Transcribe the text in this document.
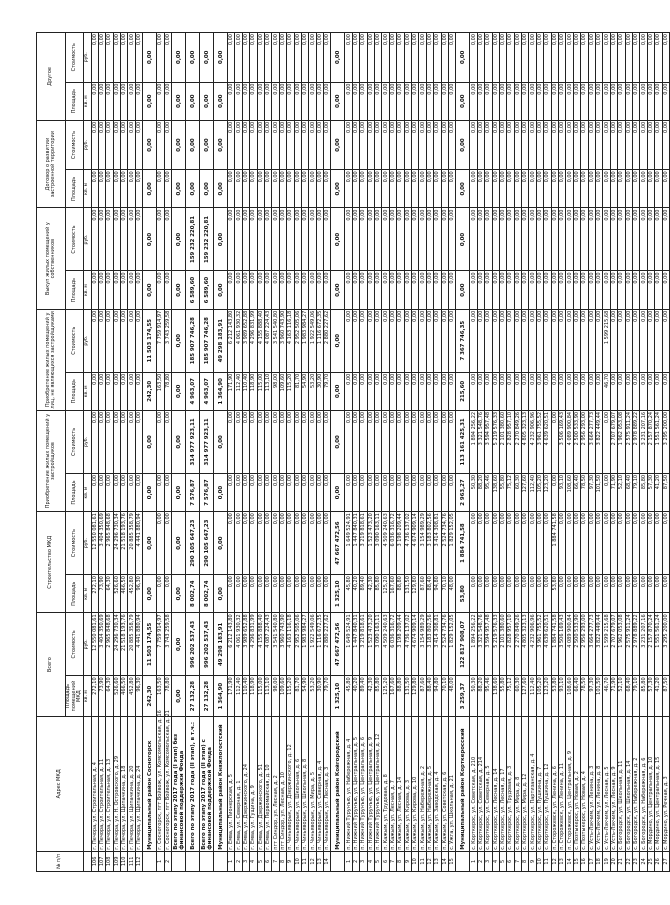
№ п/п	Адрес МКД	Всего		Строительство МКД		Приобретение жилых помещений у застройщиков		Приобретение жилых помещений у лиц, не являющихся застройщиками		Выкуп жилых помещений у собственников		Договор о развитии застроенной территории		Другое	
		Площадь помещений МКД	Стоимость	Площадь	Стоимость	Площадь	Стоимость	Площадь	Стоимость	Площадь	Стоимость	Площадь	Стоимость	Площадь	Стоимость
		кв. м	руб.	кв. м	руб.	кв. м	руб.	кв. м	руб.	кв. м	руб.	кв. м	руб.	кв. м	руб.
106	г. Печора, ул. Строительная, д. 4	272,10	12 550 081,61	272,10	12 550 081,61	0,00	0,00	0,00	0,00	0,00	0,00	0,00	0,00	0,00	0,00
107	г. Печора, ул. Строительная, д. 11	73,90	3 404 350,69	73,90	3 404 350,69	0,00	0,00	0,00	0,00	0,00	0,00	0,00	0,00	0,00	0,00
108	г. Печора, ул. Строительная, д. 13	64,30	2 965 848,68	64,30	2 965 848,68	0,00	0,00	0,00	0,00	0,00	0,00	0,00	0,00	0,00	0,00
109	г. Печора, ул. Н. Островского, д. 29	526,60	24 296 730,34	526,60	24 296 730,34	0,00	0,00	0,00	0,00	0,00	0,00	0,00	0,00	0,00	0,00
110	г. Печора, ул. Щипачкина, д. 18	466,50	21 518 193,76	466,50	21 518 193,76	0,00	0,00	0,00	0,00	0,00	0,00	0,00	0,00	0,00	0,00
111	г. Печора, ул. Щипачкина, д. 20	452,80	20 885 358,79	452,80	20 885 358,79	0,00	0,00	0,00	0,00	0,00	0,00	0,00	0,00	0,00	0,00
112	г. Печора, ул. Щипачкина, д. 24	96,30	4 441 880,94	96,30	4 441 880,94	0,00	0,00	0,00	0,00	0,00	0,00	0,00	0,00	0,00	0,00
	Муниципальный район Сосногорск	242,30	11 503 174,55	0,00	0,00	0,00	0,00	242,30	11 503 174,55	0,00	0,00	0,00	0,00	0,00	0,00
1	г. Сосногорск, пгт Войвож, ул. Комсомольская, д. 16	163,50	7 759 914,97	0,00	0,00	0,00	0,00	163,50	7 759 914,97	0,00	0,00	0,00	0,00	0,00	0,00
2	г. Сосногорск, пгт Войвож, ул. Комсомольская, д. 21	78,80	3 743 259,58	0,00	0,00	0,00	0,00	78,80	3 743 259,58	0,00	0,00	0,00	0,00	0,00	0,00
	Всего по этапу 2017 года (I этап) без финансовой поддержки Фонда	0,00	0,00	0,00	0,00	0,00	0,00	0,00	0,00	0,00	0,00	0,00	0,00	0,00	0,00
	Всего по этапу 2017 года (II этап), в т.ч.:	27 132,28	996 202 537,43	8 002,74	290 105 647,23	7 576,87	314 977 923,11	4 963,07	185 907 746,28	6 589,60	159 232 220,81	0,00	0,00	0,00	0,00
	Всего по этапу 2017 года (II этап) с финансовой поддержкой Фонда	27 132,28	996 202 537,43	8 002,74	290 105 647,23	7 576,87	314 977 923,11	4 963,07	185 907 746,28	6 589,60	159 232 220,81	0,00	0,00	0,00	0,00
	Муниципальный район Княжпогостский	1 364,90	49 298 183,91	0,00	0,00	0,00	0,00	1 364,90	49 298 183,91	0,00	0,00	0,00	0,00	0,00	0,00
1	г. Емва, ул. Пионерская, д. 5	171,90	6 212 143,80	0,00	0,00	0,00	0,00	171,90	6 212 143,80	0,00	0,00	0,00	0,00	0,00	0,00
2	г. Емва, ул. Северная, д. 1	112,40	4 061 930,32	0,00	0,00	0,00	0,00	112,40	4 061 930,32	0,00	0,00	0,00	0,00	0,00	0,00
3	г. Емва, ул. Дзержинского, д. 24	110,40	3 989 652,88	0,00	0,00	0,00	0,00	110,40	3 989 652,88	0,00	0,00	0,00	0,00	0,00	0,00
4	г. Емва, ул. Гущина, д. 9	118,90	4 296 831,99	0,00	0,00	0,00	0,00	118,90	4 296 831,99	0,00	0,00	0,00	0,00	0,00	0,00
5	г. Емва, ул. Дзержинского, д. 51	115,00	4 155 888,40	0,00	0,00	0,00	0,00	115,00	4 155 888,40	0,00	0,00	0,00	0,00	0,00	0,00
6	г. Емва, ул. Первомайская, д. 10	113,10	4 087 224,43	0,00	0,00	0,00	0,00	113,10	4 087 224,43	0,00	0,00	0,00	0,00	0,00	0,00
7	пгт Синдор, ул. Лесная, д. 2	98,00	3 541 540,80	0,00	0,00	0,00	0,00	98,00	3 541 540,80	0,00	0,00	0,00	0,00	0,00	0,00
8	пгт Синдор, ул. Лесная, д. 10	109,60	3 960 743,90	0,00	0,00	0,00	0,00	109,60	3 960 743,90	0,00	0,00	0,00	0,00	0,00	0,00
9	п. Чиньяворык, ул. Дзержинского, д. 12	115,20	4 163 116,18	0,00	0,00	0,00	0,00	115,20	4 163 116,18	0,00	0,00	0,00	0,00	0,00	0,00
10	п. Чиньяворык, ул. Школьная, д. 6	81,70	2 952 505,06	0,00	0,00	0,00	0,00	81,70	2 952 505,06	0,00	0,00	0,00	0,00	0,00	0,00
11	п. Чиньяворык, ул. Школьная, д. 8	54,90	1 983 984,27	0,00	0,00	0,00	0,00	54,90	1 983 984,27	0,00	0,00	0,00	0,00	0,00	0,00
12	п. Чиньяворык, ул. Мира, д. 5	53,20	1 922 549,06	0,00	0,00	0,00	0,00	53,20	1 922 549,06	0,00	0,00	0,00	0,00	0,00	0,00
13	п. Чиньяворык, ул. Северная, д. 4	30,90	1 116 672,35	0,00	0,00	0,00	0,00	30,90	1 116 672,35	0,00	0,00	0,00	0,00	0,00	0,00
14	п. Чиньяворык, ул. Лесная, д. 3	79,70	2 880 227,62	0,00	0,00	0,00	0,00	79,70	2 880 227,62	0,00	0,00	0,00	0,00	0,00	0,00
	Муниципальный район Койгородский	1 325,10	47 667 472,56	1 325,10	47 667 472,56	0,00	0,00	0,00	0,00	0,00	0,00	0,00	0,00	0,00	0,00
1	п. Нижний Турунъю, ул. Набережная, д. 4	45,80	1 649 524,91	45,80	1 649 524,91	0,00	0,00	0,00	0,00	0,00	0,00	0,00	0,00	0,00	0,00
2	п. Нижний Турунъю, ул. Центральная, д. 5	40,20	1 447 840,31	40,20	1 447 840,31	0,00	0,00	0,00	0,00	0,00	0,00	0,00	0,00	0,00	0,00
3	п. Нижний Турунъю, ул. Центральная, д. 6	89,40	3 219 818,61	89,40	3 219 818,61	0,00	0,00	0,00	0,00	0,00	0,00	0,00	0,00	0,00	0,00
4	п. Нижний Турунъю, ул. Центральная, д. 9	42,30	1 523 473,20	42,30	1 523 473,20	0,00	0,00	0,00	0,00	0,00	0,00	0,00	0,00	0,00	0,00
5	п. Нижний Турунъю, ул. Центральная, д. 12	85,80	3 090 163,11	85,80	3 090 163,11	0,00	0,00	0,00	0,00	0,00	0,00	0,00	0,00	0,00	0,00
6	п. Кажым, ул. Трудовая, д. 8	125,20	4 509 240,63	125,20	4 509 240,63	0,00	0,00	0,00	0,00	0,00	0,00	0,00	0,00	0,00	0,00
7	п. Кажым, ул. Лесная, д. 7	167,60	6 036 316,72	167,60	6 036 316,72	0,00	0,00	0,00	0,00	0,00	0,00	0,00	0,00	0,00	0,00
8	п. Кажым, ул. Лесная, д. 14	88,80	3 198 209,44	88,80	3 198 209,44	0,00	0,00	0,00	0,00	0,00	0,00	0,00	0,00	0,00	0,00
9	п. Кажым, ул. Кирова, д. 3	131,50	4 736 137,02	131,50	4 736 137,02	0,00	0,00	0,00	0,00	0,00	0,00	0,00	0,00	0,00	0,00
10	п. Кажым, ул. Кирова, д. 10	129,80	4 674 909,14	129,80	4 674 909,14	0,00	0,00	0,00	0,00	0,00	0,00	0,00	0,00	0,00	0,00
11	п. Кажым, ул. Набережная, д. 2	87,60	3 154 989,29	87,60	3 154 989,29	0,00	0,00	0,00	0,00	0,00	0,00	0,00	0,00	0,00	0,00
12	п. Кажым, ул. Набережная, д. 5	88,40	3 183 802,56	88,40	3 183 802,56	0,00	0,00	0,00	0,00	0,00	0,00	0,00	0,00	0,00	0,00
13	п. Кажым, ул. Заводская, д. 4	94,80	3 414 308,81	94,80	3 414 308,81	0,00	0,00	0,00	0,00	0,00	0,00	0,00	0,00	0,00	0,00
14	п. Кажым, ул. Советская, д. 6	70,10	2 524 734,76	70,10	2 524 734,76	0,00	0,00	0,00	0,00	0,00	0,00	0,00	0,00	0,00	0,00
15	с. Ужга, ул. Школьная, д. 21	48,00	1 829 152,05	48,00	1 829 152,05	0,00	0,00	0,00	0,00	0,00	0,00	0,00	0,00	0,00	0,00
	Муниципальный район Корткеросский	3 259,37	122 817 908,07	53,80	1 884 741,58	2 963,27	113 161 425,31	215,60	7 367 746,35	0,00	0,00	0,00	0,00	0,00	0,00
1	с. Корткерос, ул. Советская, д. 210	50,30	1 894 256,22	0,00	0,00	50,30	1 894 256,22	0,00	0,00	0,00	0,00	0,00	0,00	0,00	0,00
2	с. Корткерос, ул. Советская, д. 214	88,20	3 321 548,76	0,00	0,00	88,20	3 321 548,76	0,00	0,00	0,00	0,00	0,00	0,00	0,00	0,00
3	с. Корткерос, ул. Северная, д. 5	95,46	3 594 957,48	0,00	0,00	95,46	3 594 957,48	0,00	0,00	0,00	0,00	0,00	0,00	0,00	0,00
4	с. Корткерос, ул. Лесная, д. 14	138,60	5 219 576,33	0,00	0,00	138,60	5 219 576,33	0,00	0,00	0,00	0,00	0,00	0,00	0,00	0,00
5	с. Корткерос, ул. Лесная, д. 17	55,80	2 101 380,60	0,00	0,00	55,80	2 101 380,60	0,00	0,00	0,00	0,00	0,00	0,00	0,00	0,00
6	с. Корткерос, ул. Трудовая, д. 3	75,12	2 828 957,10	0,00	0,00	75,12	2 828 957,10	0,00	0,00	0,00	0,00	0,00	0,00	0,00	0,00
7	с. Корткерос, ул. Мира, д. 8	60,30	2 270 849,26	0,00	0,00	60,30	2 270 849,26	0,00	0,00	0,00	0,00	0,00	0,00	0,00	0,00
8	с. Корткерос, ул. Мира, д. 12	127,60	4 805 323,13	0,00	0,00	127,60	4 805 323,13	0,00	0,00	0,00	0,00	0,00	0,00	0,00	0,00
9	с. Корткерос, ул. Партизанская, д. 4	112,40	4 232 906,96	0,00	0,00	112,40	4 232 906,96	0,00	0,00	0,00	0,00	0,00	0,00	0,00	0,00
10	с. Корткерос, ул. Пушкина, д. 7	105,20	3 961 755,52	0,00	0,00	105,20	3 961 755,52	0,00	0,00	0,00	0,00	0,00	0,00	0,00	0,00
11	с. Корткерос, ул. Пушкина, д. 12	123,20	4 639 620,51	0,00	0,00	123,20	4 639 620,51	0,00	0,00	0,00	0,00	0,00	0,00	0,00	0,00
12	п. Сторожевск, ул. Ленина, д. 6	53,80	1 884 741,58	53,80	1 884 741,58	0,00	0,00	0,00	0,00	0,00	0,00	0,00	0,00	0,00	0,00
13	п. Сторожевск, ул. Ленина, д. 11	93,10	3 506 169,43	0,00	0,00	93,10	3 506 169,43	0,00	0,00	0,00	0,00	0,00	0,00	0,00	0,00
14	п. Сторожевск, ул. Центральная, д. 9	108,60	4 089 900,84	0,00	0,00	108,60	4 089 900,84	0,00	0,00	0,00	0,00	0,00	0,00	0,00	0,00
15	с. Позтыкерос, ул. Новая, д. 2	66,40	2 500 533,90	0,00	0,00	66,40	2 500 533,90	0,00	0,00	0,00	0,00	0,00	0,00	0,00	0,00
16	с. Позтыкерос, ул. Новая, д. 4	78,50	2 956 293,00	0,00	0,00	78,50	2 956 293,00	0,00	0,00	0,00	0,00	0,00	0,00	0,00	0,00
17	с. Усть-Лэкчим, ул. Ленина, д. 3	97,30	3 664 277,73	0,00	0,00	97,30	3 664 277,73	0,00	0,00	0,00	0,00	0,00	0,00	0,00	0,00
18	с. Усть-Лэкчим, ул. Ленина, д. 8	101,50	3 822 449,44	0,00	0,00	101,50	3 822 449,44	0,00	0,00	0,00	0,00	0,00	0,00	0,00	0,00
19	с. Усть-Лэкчим, ул. Лесная, д. 5	46,70	1 599 215,68	0,00	0,00	0,00	0,00	46,70	1 599 215,68	0,00	0,00	0,00	0,00	0,00	0,00
20	с. Усть-Лэкчим, ул. Лесная, д. 9	71,90	2 707 679,07	0,00	0,00	71,90	2 707 679,07	0,00	0,00	0,00	0,00	0,00	0,00	0,00	0,00
21	с. Богородск, ул. Школьная, д. 11	52,10	1 962 053,08	0,00	0,00	52,10	1 962 053,08	0,00	0,00	0,00	0,00	0,00	0,00	0,00	0,00
22	с. Богородск, ул. Школьная, д. 14	68,40	2 575 911,24	0,00	0,00	68,40	2 575 911,24	0,00	0,00	0,00	0,00	0,00	0,00	0,00	0,00
23	с. Богородск, ул. Набережная, д. 2	79,10	2 978 889,22	0,00	0,00	79,10	2 978 889,22	0,00	0,00	0,00	0,00	0,00	0,00	0,00	0,00
24	с. Богородск, ул. Набережная, д. 6	85,80	3 231 207,16	0,00	0,00	85,80	3 231 207,16	0,00	0,00	0,00	0,00	0,00	0,00	0,00	0,00
25	с. Мордино, ул. Центральная, д. 10	57,30	2 157 870,24	0,00	0,00	57,30	2 157 870,24	0,00	0,00	0,00	0,00	0,00	0,00	0,00	0,00
26	с. Мордино, ул. Центральная, д. 15	41,20	1 551 561,24	0,00	0,00	41,20	1 551 561,24	0,00	0,00	0,00	0,00	0,00	0,00	0,00	0,00
27	с. Мордино, ул. Речная, д. 3	87,50	3 295 200,00	0,00	0,00	87,50	3 295 200,00	0,00	0,00	0,00	0,00	0,00	0,00	0,00	0,00
